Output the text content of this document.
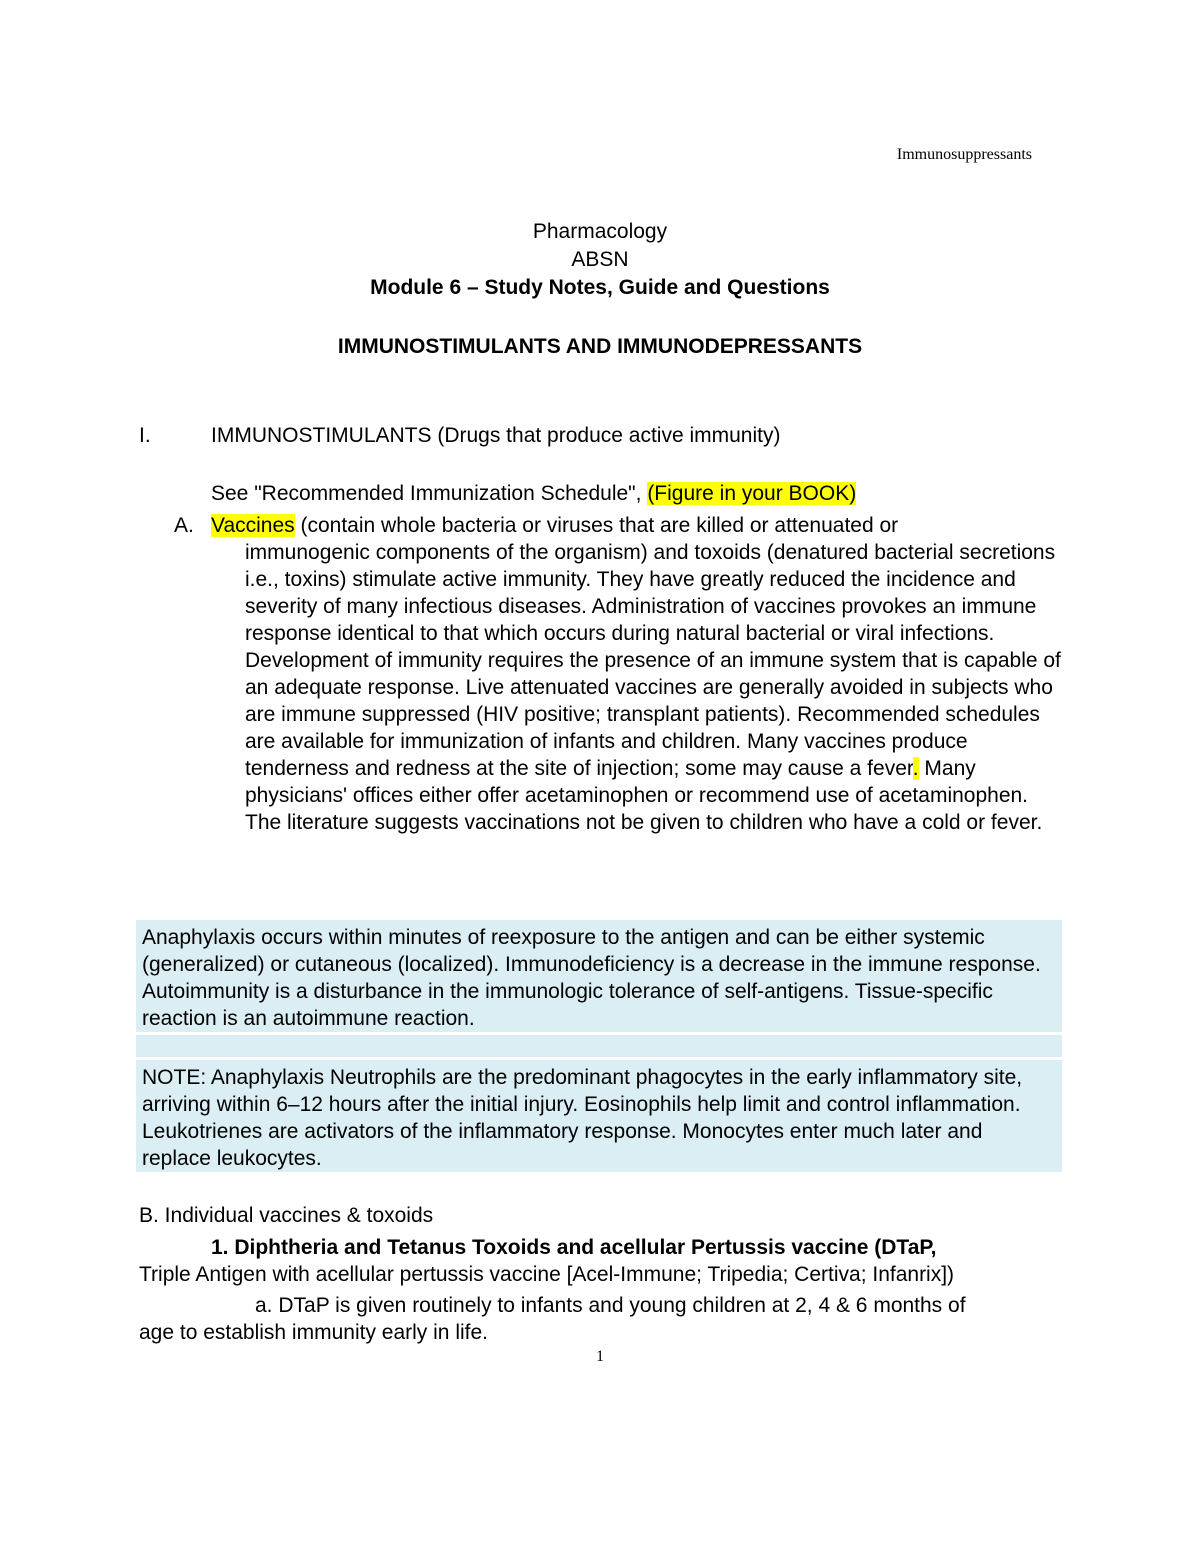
Immunosuppressants
Pharmacology
ABSN
Module 6 – Study Notes, Guide and Questions
IMMUNOSTIMULANTS AND IMMUNODEPRESSANTS
I.	IMMUNOSTIMULANTS (Drugs that produce active immunity)
See "Recommended Immunization Schedule", (Figure in your BOOK)
A. Vaccines (contain whole bacteria or viruses that are killed or attenuated or
immunogenic components of the organism) and toxoids (denatured bacterial secretions i.e., toxins) stimulate active immunity. They have greatly reduced the incidence and severity of many infectious diseases. Administration of vaccines provokes an immune response identical to that which occurs during natural bacterial or viral infections. Development of immunity requires the presence of an immune system that is capable of an adequate response. Live attenuated vaccines are generally avoided in subjects who are immune suppressed (HIV positive; transplant patients). Recommended schedules are available for immunization of infants and children. Many vaccines produce tenderness and redness at the site of injection; some may cause a fever. Many physicians' offices either offer acetaminophen or recommend use of acetaminophen. The literature suggests vaccinations not be given to children who have a cold or fever.
Anaphylaxis occurs within minutes of reexposure to the antigen and can be either systemic (generalized) or cutaneous (localized). Immunodeficiency is a decrease in the immune response. Autoimmunity is a disturbance in the immunologic tolerance of self-antigens. Tissue-specific reaction is an autoimmune reaction.
NOTE: Anaphylaxis Neutrophils are the predominant phagocytes in the early inflammatory site, arriving within 6–12 hours after the initial injury. Eosinophils help limit and control inflammation. Leukotrienes are activators of the inflammatory response. Monocytes enter much later and replace leukocytes.
B. Individual vaccines & toxoids
1. Diphtheria and Tetanus Toxoids and acellular Pertussis vaccine (DTaP,
Triple Antigen with acellular pertussis vaccine [Acel-Immune; Tripedia; Certiva; Infanrix])
a. DTaP is given routinely to infants and young children at 2, 4 & 6 months of
age to establish immunity early in life.
1
